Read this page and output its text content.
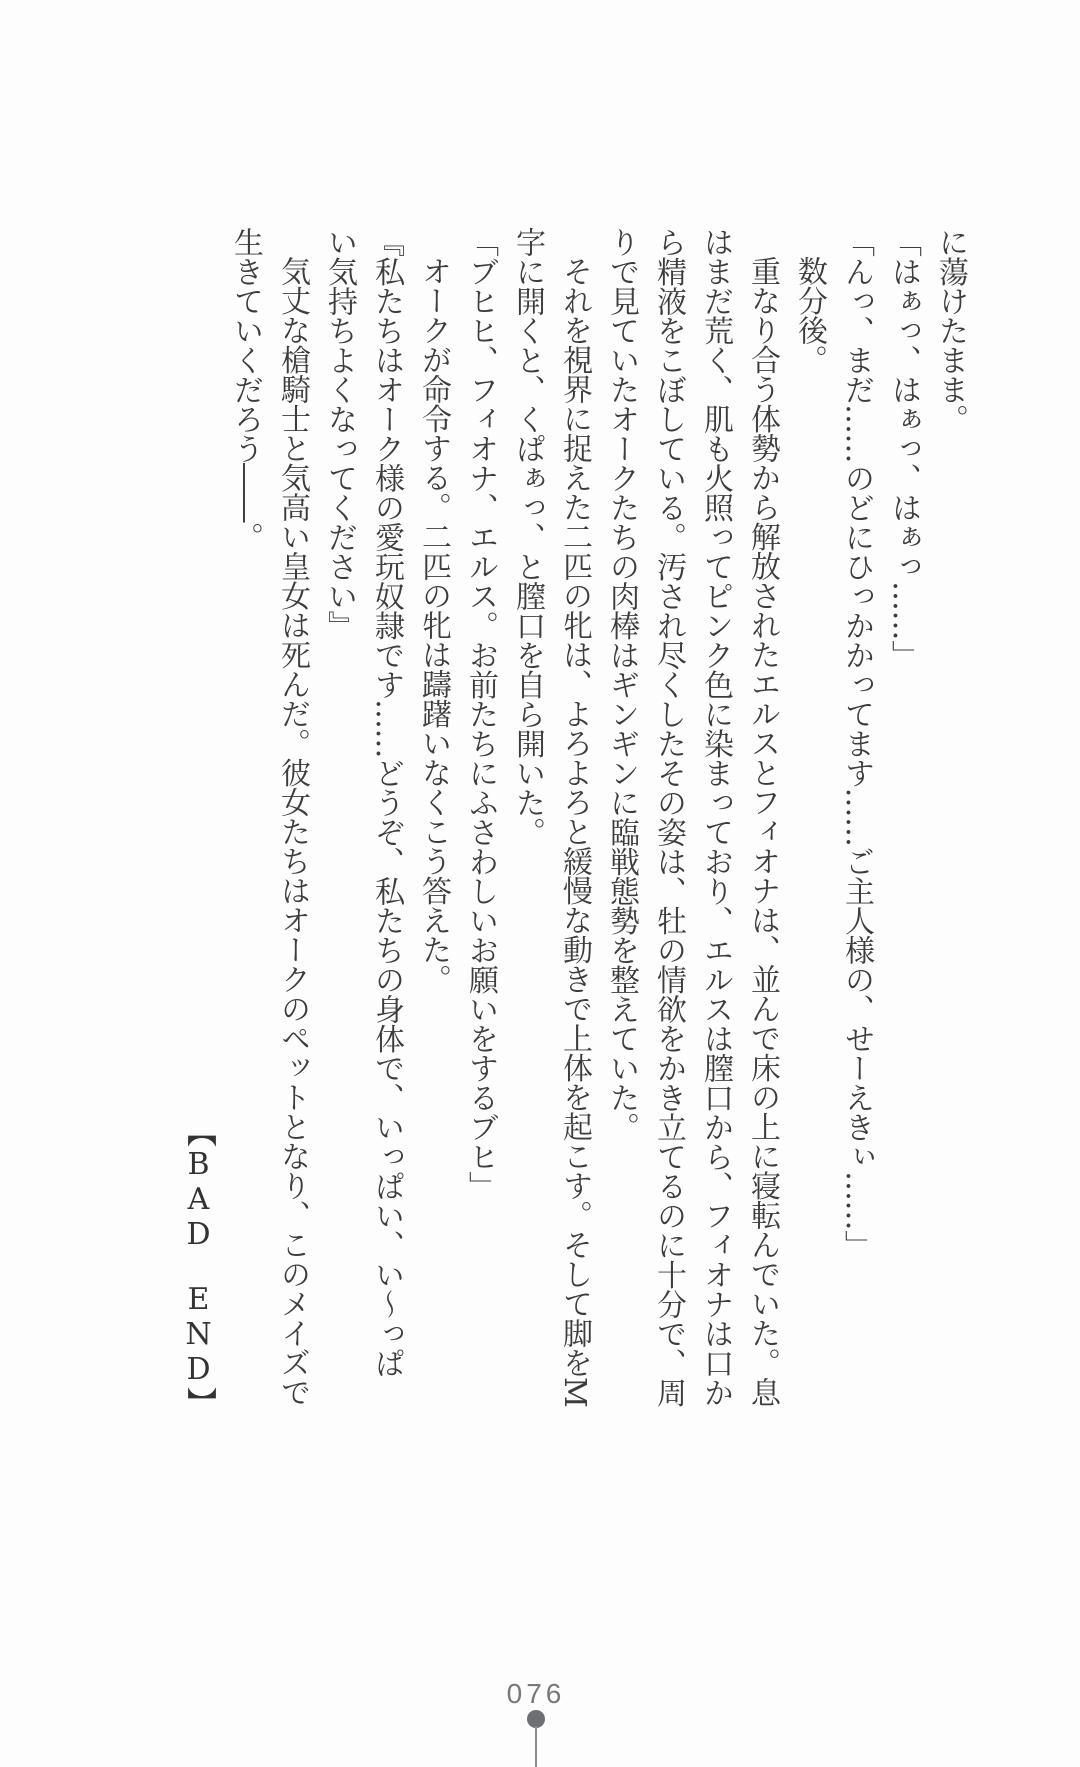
に蕩けたまま。

「はぁっ、はぁっ、はぁっ……」

「んっ、まだ……のどにひっかかってます……ご主人様の、せーえきぃ……」

数分後。

重なり合う体勢から解放されたエルスとフィオナは、並んで床の上に寝転んでいた。息

はまだ荒く、肌も火照ってピンク色に染まっており、エルスは膣口から、フィオナは口か

ら精液をこぼしている。汚され尽くしたその姿は、牡の情欲をかき立てるのに十分で、周

りで見ていたオークたちの肉棒はギンギンに臨戦態勢を整えていた。

それを視界に捉えた二匹の牝は、よろよろと緩慢な動きで上体を起こす。そして脚をM

字に開くと、くぱぁっ、と膣口を自ら開いた。

「ブヒヒ、フィオナ、エルス。お前たちにふさわしいお願いをするブヒ」

オークが命令する。二匹の牝は躊躇いなくこう答えた。

『私たちはオーク様の愛玩奴隷です……どうぞ、私たちの身体で、いっぱい、い～っぱ

い気持ちよくなってください』

気丈な槍騎士と気高い皇女は死んだ。彼女たちはオークのペットとなり、このメイズで

生きていくだろう――。

【BAD　END】

076
